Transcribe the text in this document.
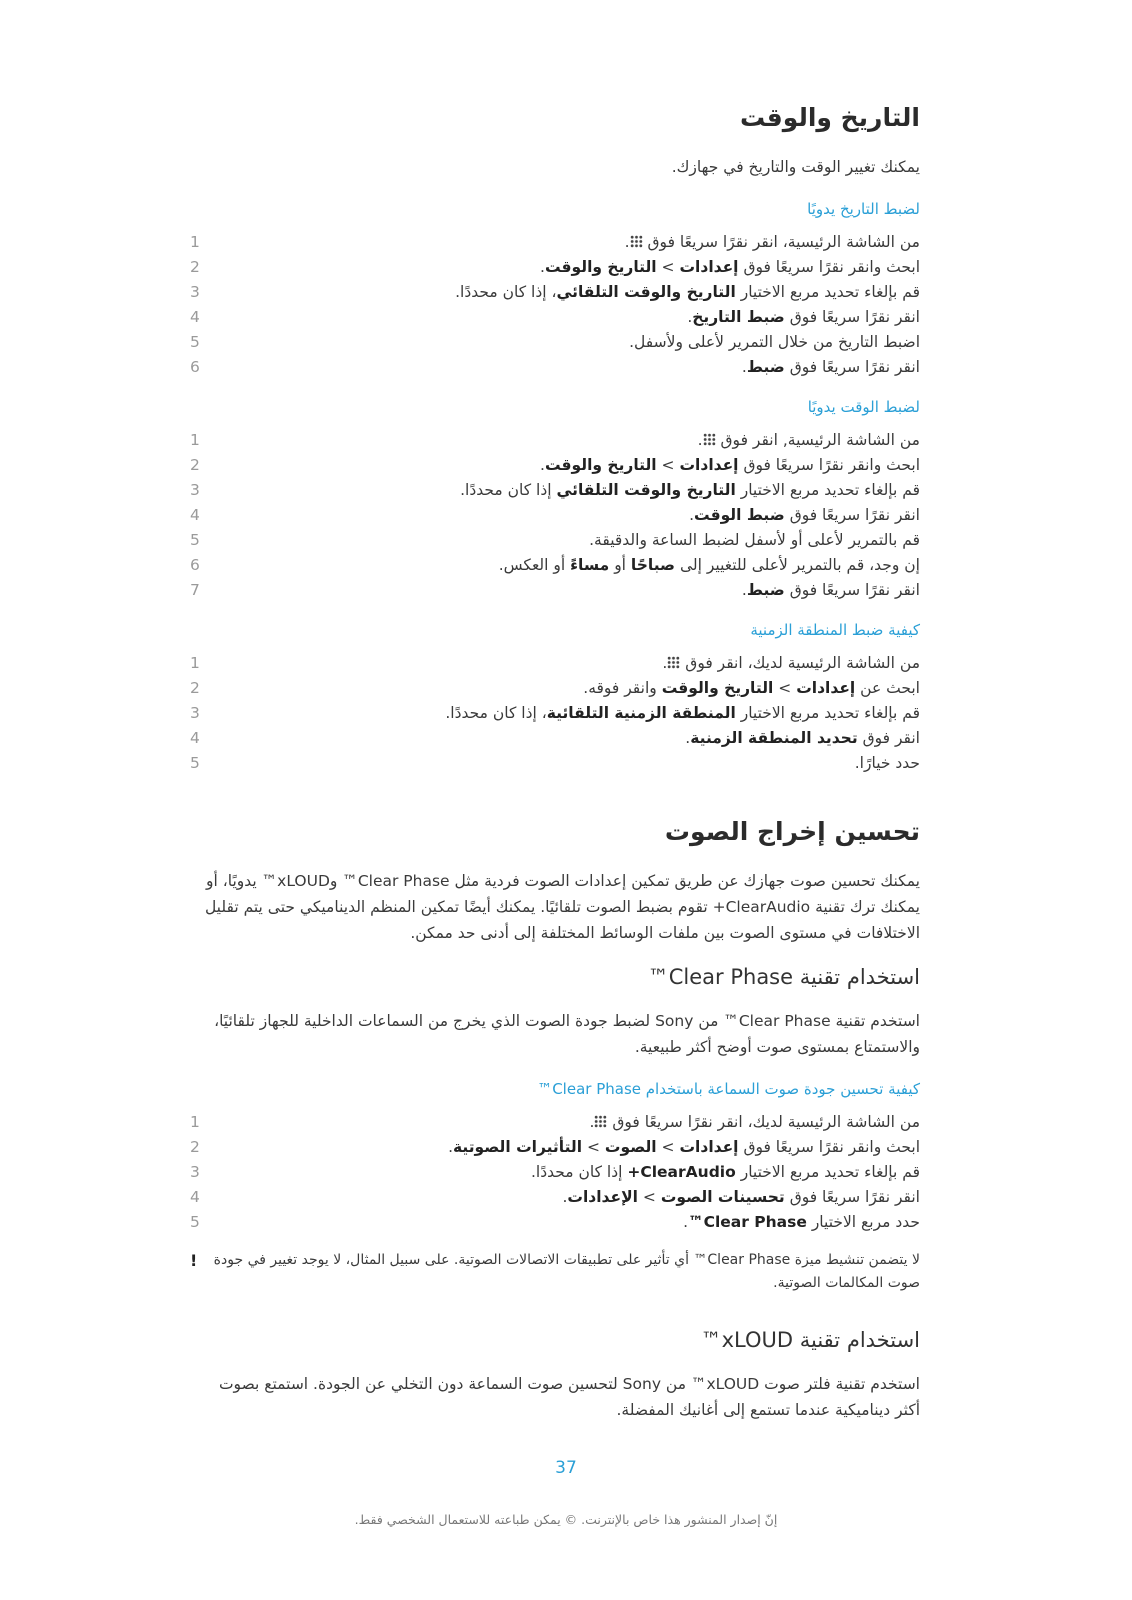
التاريخ والوقت

يمكنك تغيير الوقت والتاريخ في جهازك.

لضبط التاريخ يدويًا
1	من الشاشة الرئيسية، انقر نقرًا سريعًا فوق .
2	ابحث وانقر نقرًا سريعًا فوق إعدادات > التاريخ والوقت.
3	قم بإلغاء تحديد مربع الاختيار التاريخ والوقت التلقائي، إذا كان محددًا.
4	انقر نقرًا سريعًا فوق ضبط التاريخ.
5	اضبط التاريخ من خلال التمرير لأعلى ولأسفل.
6	انقر نقرًا سريعًا فوق ضبط.
لضبط الوقت يدويًا
1	من الشاشة الرئيسية, انقر فوق .
2	ابحث وانقر نقرًا سريعًا فوق إعدادات > التاريخ والوقت.
3	قم بإلغاء تحديد مربع الاختيار التاريخ والوقت التلقائي إذا كان محددًا.
4	انقر نقرًا سريعًا فوق ضبط الوقت.
5	قم بالتمرير لأعلى أو لأسفل لضبط الساعة والدقيقة.
6	إن وجد، قم بالتمرير لأعلى للتغيير إلى صباحًا أو مساءً أو العكس.
7	انقر نقرًا سريعًا فوق ضبط.
كيفية ضبط المنطقة الزمنية
1	من الشاشة الرئيسية لديك، انقر فوق .
2	ابحث عن إعدادات > التاريخ والوقت وانقر فوقه.
3	قم بإلغاء تحديد مربع الاختيار المنطقة الزمنية التلقائية، إذا كان محددًا.
4	انقر فوق تحديد المنطقة الزمنية.
5	حدد خيارًا.
تحسين إخراج الصوت

يمكنك تحسين صوت جهازك عن طريق تمكين إعدادات الصوت فردية مثل Clear Phase™ وxLOUD™ يدويًا، أو يمكنك ترك تقنية ClearAudio+ تقوم بضبط الصوت تلقائيًا. يمكنك أيضًا تمكين المنظم الديناميكي حتى يتم تقليل الاختلافات في مستوى الصوت بين ملفات الوسائط المختلفة إلى أدنى حد ممكن.

استخدام تقنية Clear Phase™

استخدم تقنية Clear Phase™ من Sony لضبط جودة الصوت الذي يخرج من السماعات الداخلية للجهاز تلقائيًا، والاستمتاع بمستوى صوت أوضح أكثر طبيعية.

كيفية تحسين جودة صوت السماعة باستخدام Clear Phase™
1	من الشاشة الرئيسية لديك، انقر نقرًا سريعًا فوق .
2	ابحث وانقر نقرًا سريعًا فوق إعدادات > الصوت > التأثيرات الصوتية.
3	قم بإلغاء تحديد مربع الاختيار ClearAudio+ إذا كان محددًا.
4	انقر نقرًا سريعًا فوق تحسينات الصوت > الإعدادات.
5	حدد مربع الاختيار Clear Phase™.
!	لا يتضمن تنشيط ميزة Clear Phase™ أي تأثير على تطبيقات الاتصالات الصوتية. على سبيل المثال، لا يوجد تغيير في جودة صوت المكالمات الصوتية.
استخدام تقنية xLOUD™

استخدم تقنية فلتر صوت xLOUD™ من Sony لتحسين صوت السماعة دون التخلي عن الجودة. استمتع بصوت أكثر ديناميكية عندما تستمع إلى أغانيك المفضلة.

37
إنّ إصدار المنشور هذا خاص بالإنترنت. © يمكن طباعته للاستعمال الشخصي فقط.
